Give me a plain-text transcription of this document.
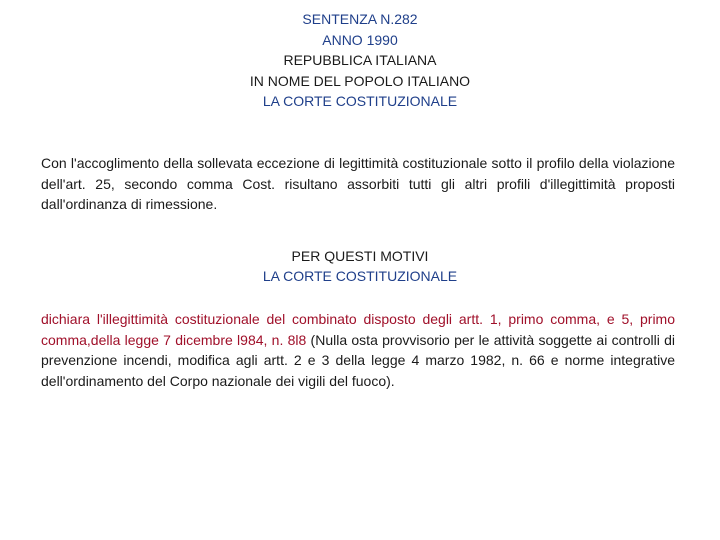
SENTENZA N.282
ANNO 1990
REPUBBLICA ITALIANA
IN NOME DEL POPOLO ITALIANO
LA CORTE COSTITUZIONALE
Con l'accoglimento della sollevata eccezione di legittimità costituzionale sotto il profilo della violazione dell'art. 25, secondo comma Cost. risultano assorbiti tutti gli altri profili d'illegittimità proposti dall'ordinanza di rimessione.
PER QUESTI MOTIVI
LA CORTE COSTITUZIONALE
dichiara l'illegittimità costituzionale del combinato disposto degli artt. 1, primo comma, e 5, primo comma,della legge 7 dicembre l984, n. 8l8 (Nulla osta provvisorio per le attività soggette ai controlli di prevenzione incendi, modifica agli artt. 2 e 3 della legge 4 marzo 1982, n. 66 e norme integrative dell'ordinamento del Corpo nazionale dei vigili del fuoco).
